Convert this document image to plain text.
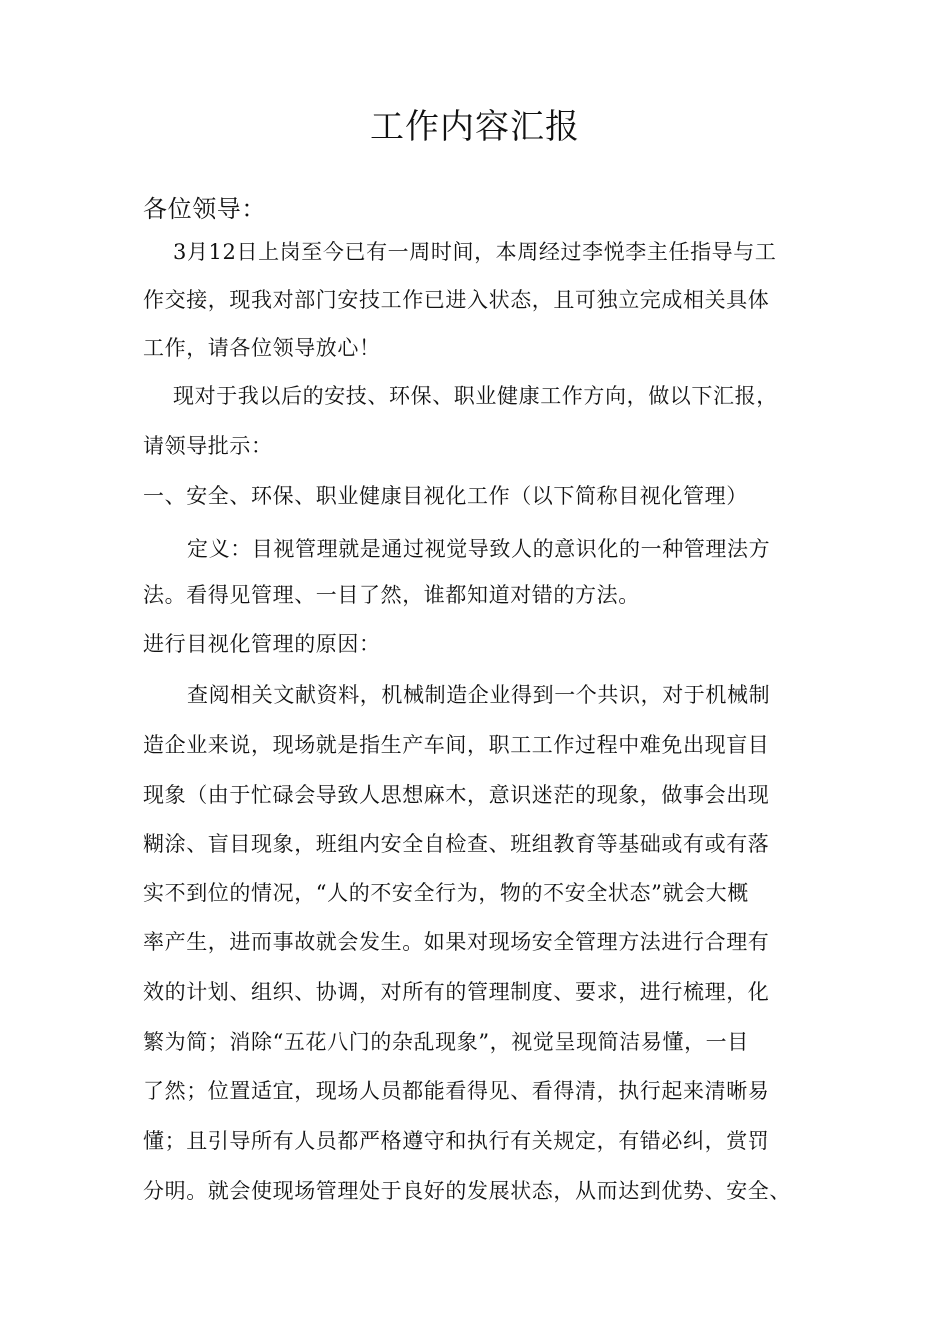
工作内容汇报
各位领导：
3月12日上岗至今已有一周时间，本周经过李悦李主任指导与工
作交接，现我对部门安技工作已进入状态，且可独立完成相关具体
工作，请各位领导放心！
现对于我以后的安技、环保、职业健康工作方向，做以下汇报，
请领导批示：
一、安全、环保、职业健康目视化工作（以下简称目视化管理）
定义：目视管理就是通过视觉导致人的意识化的一种管理法方
法。看得见管理、一目了然，谁都知道对错的方法。
进行目视化管理的原因：
查阅相关文献资料，机械制造企业得到一个共识，对于机械制
造企业来说，现场就是指生产车间，职工工作过程中难免出现盲目
现象（由于忙碌会导致人思想麻木，意识迷茫的现象，做事会出现
糊涂、盲目现象，班组内安全自检查、班组教育等基础或有或有落
实不到位的情况，“人的不安全行为，物的不安全状态”就会大概
率产生，进而事故就会发生。如果对现场安全管理方法进行合理有
效的计划、组织、协调，对所有的管理制度、要求，进行梳理，化
繁为简；消除“五花八门的杂乱现象”，视觉呈现简洁易懂，一目
了然；位置适宜，现场人员都能看得见、看得清，执行起来清晰易
懂；且引导所有人员都严格遵守和执行有关规定，有错必纠，赏罚
分明。就会使现场管理处于良好的发展状态，从而达到优势、安全、
